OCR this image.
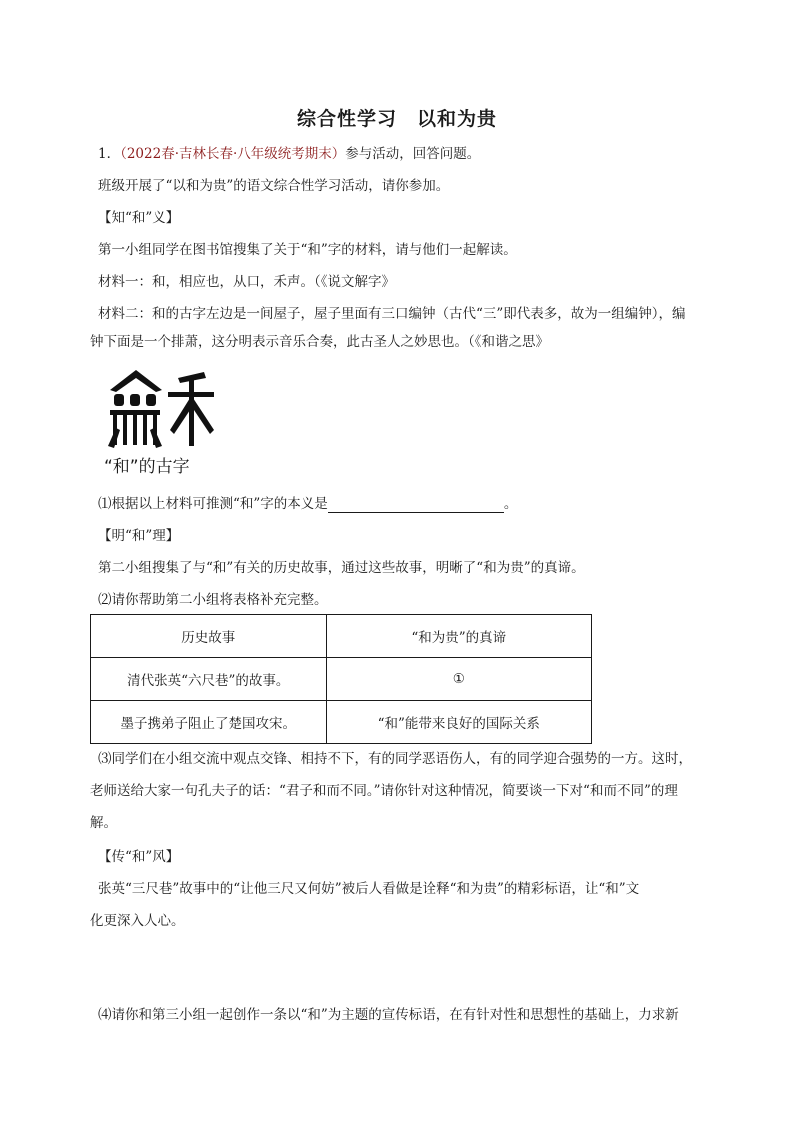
综合性学习　以和为贵
1．（2022春·吉林长春·八年级统考期末）参与活动，回答问题。
班级开展了“以和为贵”的语文综合性学习活动，请你参加。
【知“和”义】
第一小组同学在图书馆搜集了关于“和”字的材料，请与他们一起解读。
材料一：和，相应也，从口，禾声。（《说文解字》
材料二：和的古字左边是一间屋子，屋子里面有三口编钟（古代“三”即代表多，故为一组编钟），编
钟下面是一个排萧，这分明表示音乐合奏，此古圣人之妙思也。（《和谐之思》
“和”的古字
⑴根据以上材料可推测“和”字的本义是	。
【明“和”理】
第二小组搜集了与“和”有关的历史故事，通过这些故事，明晰了“和为贵”的真谛。
⑵请你帮助第二小组将表格补充完整。
历史故事	“和为贵”的真谛
清代张英“六尺巷”的故事。	①
墨子携弟子阻止了楚国攻宋。	“和”能带来良好的国际关系
⑶同学们在小组交流中观点交锋、相持不下，有的同学恶语伤人，有的同学迎合强势的一方。这时，
老师送给大家一句孔夫子的话：“君子和而不同。”请你针对这种情况，简要谈一下对“和而不同”的理
解。
【传“和”风】
张英“三尺巷”故事中的“让他三尺又何妨”被后人看做是诠释“和为贵”的精彩标语，让“和”文
化更深入人心。
⑷请你和第三小组一起创作一条以“和”为主题的宣传标语，在有针对性和思想性的基础上，力求新
